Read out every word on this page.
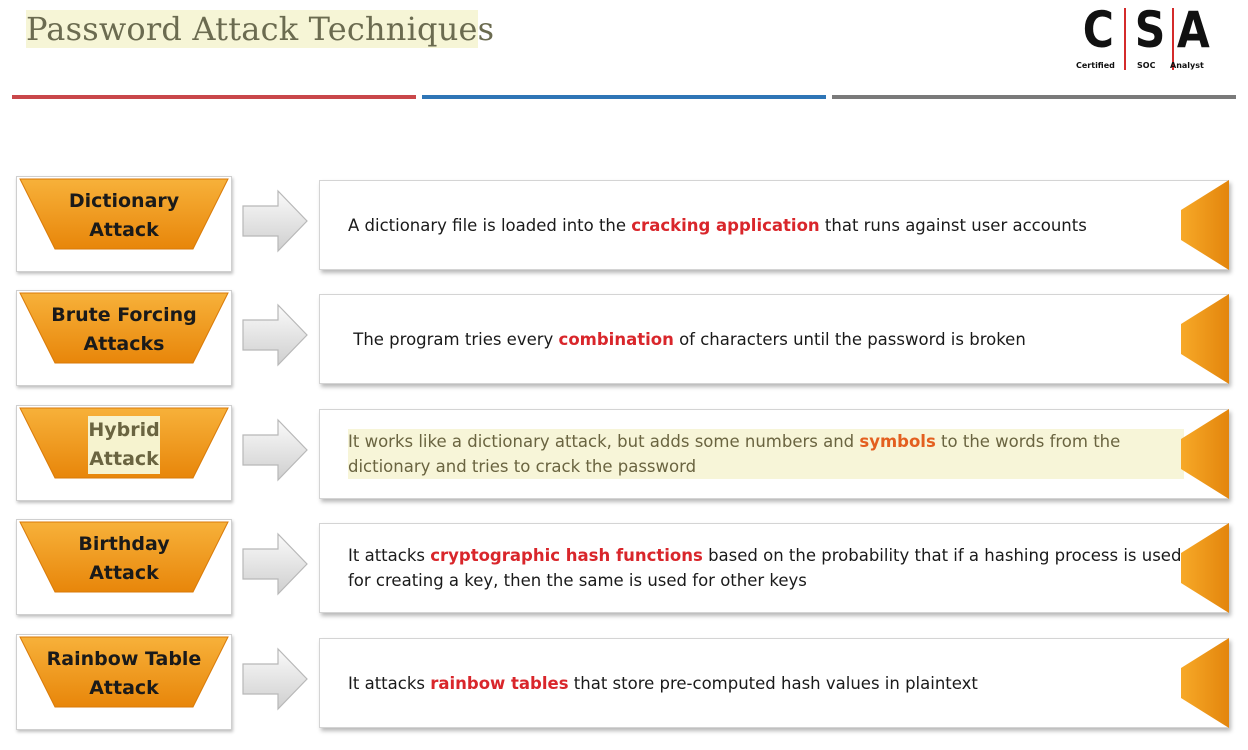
Password Attack Techniques	C S A
Certified	SOC Analyst
Dictionary
Attack	A dictionary file is loaded into the cracking application that runs against user accounts
Brute Forcing
Attacks	The program tries every combination of characters until the password is broken
Hybrid
Attack
It works like a dictionary attack, but adds some numbers and symbols to the words from the dictionary and tries to crack the password
Birthday
Attack
It attacks cryptographic hash functions based on the probability that if a hashing process is used for creating a key, then the same is used for other keys
Rainbow Table
Attack	It attacks rainbow tables that store pre-computed hash values in plaintext
